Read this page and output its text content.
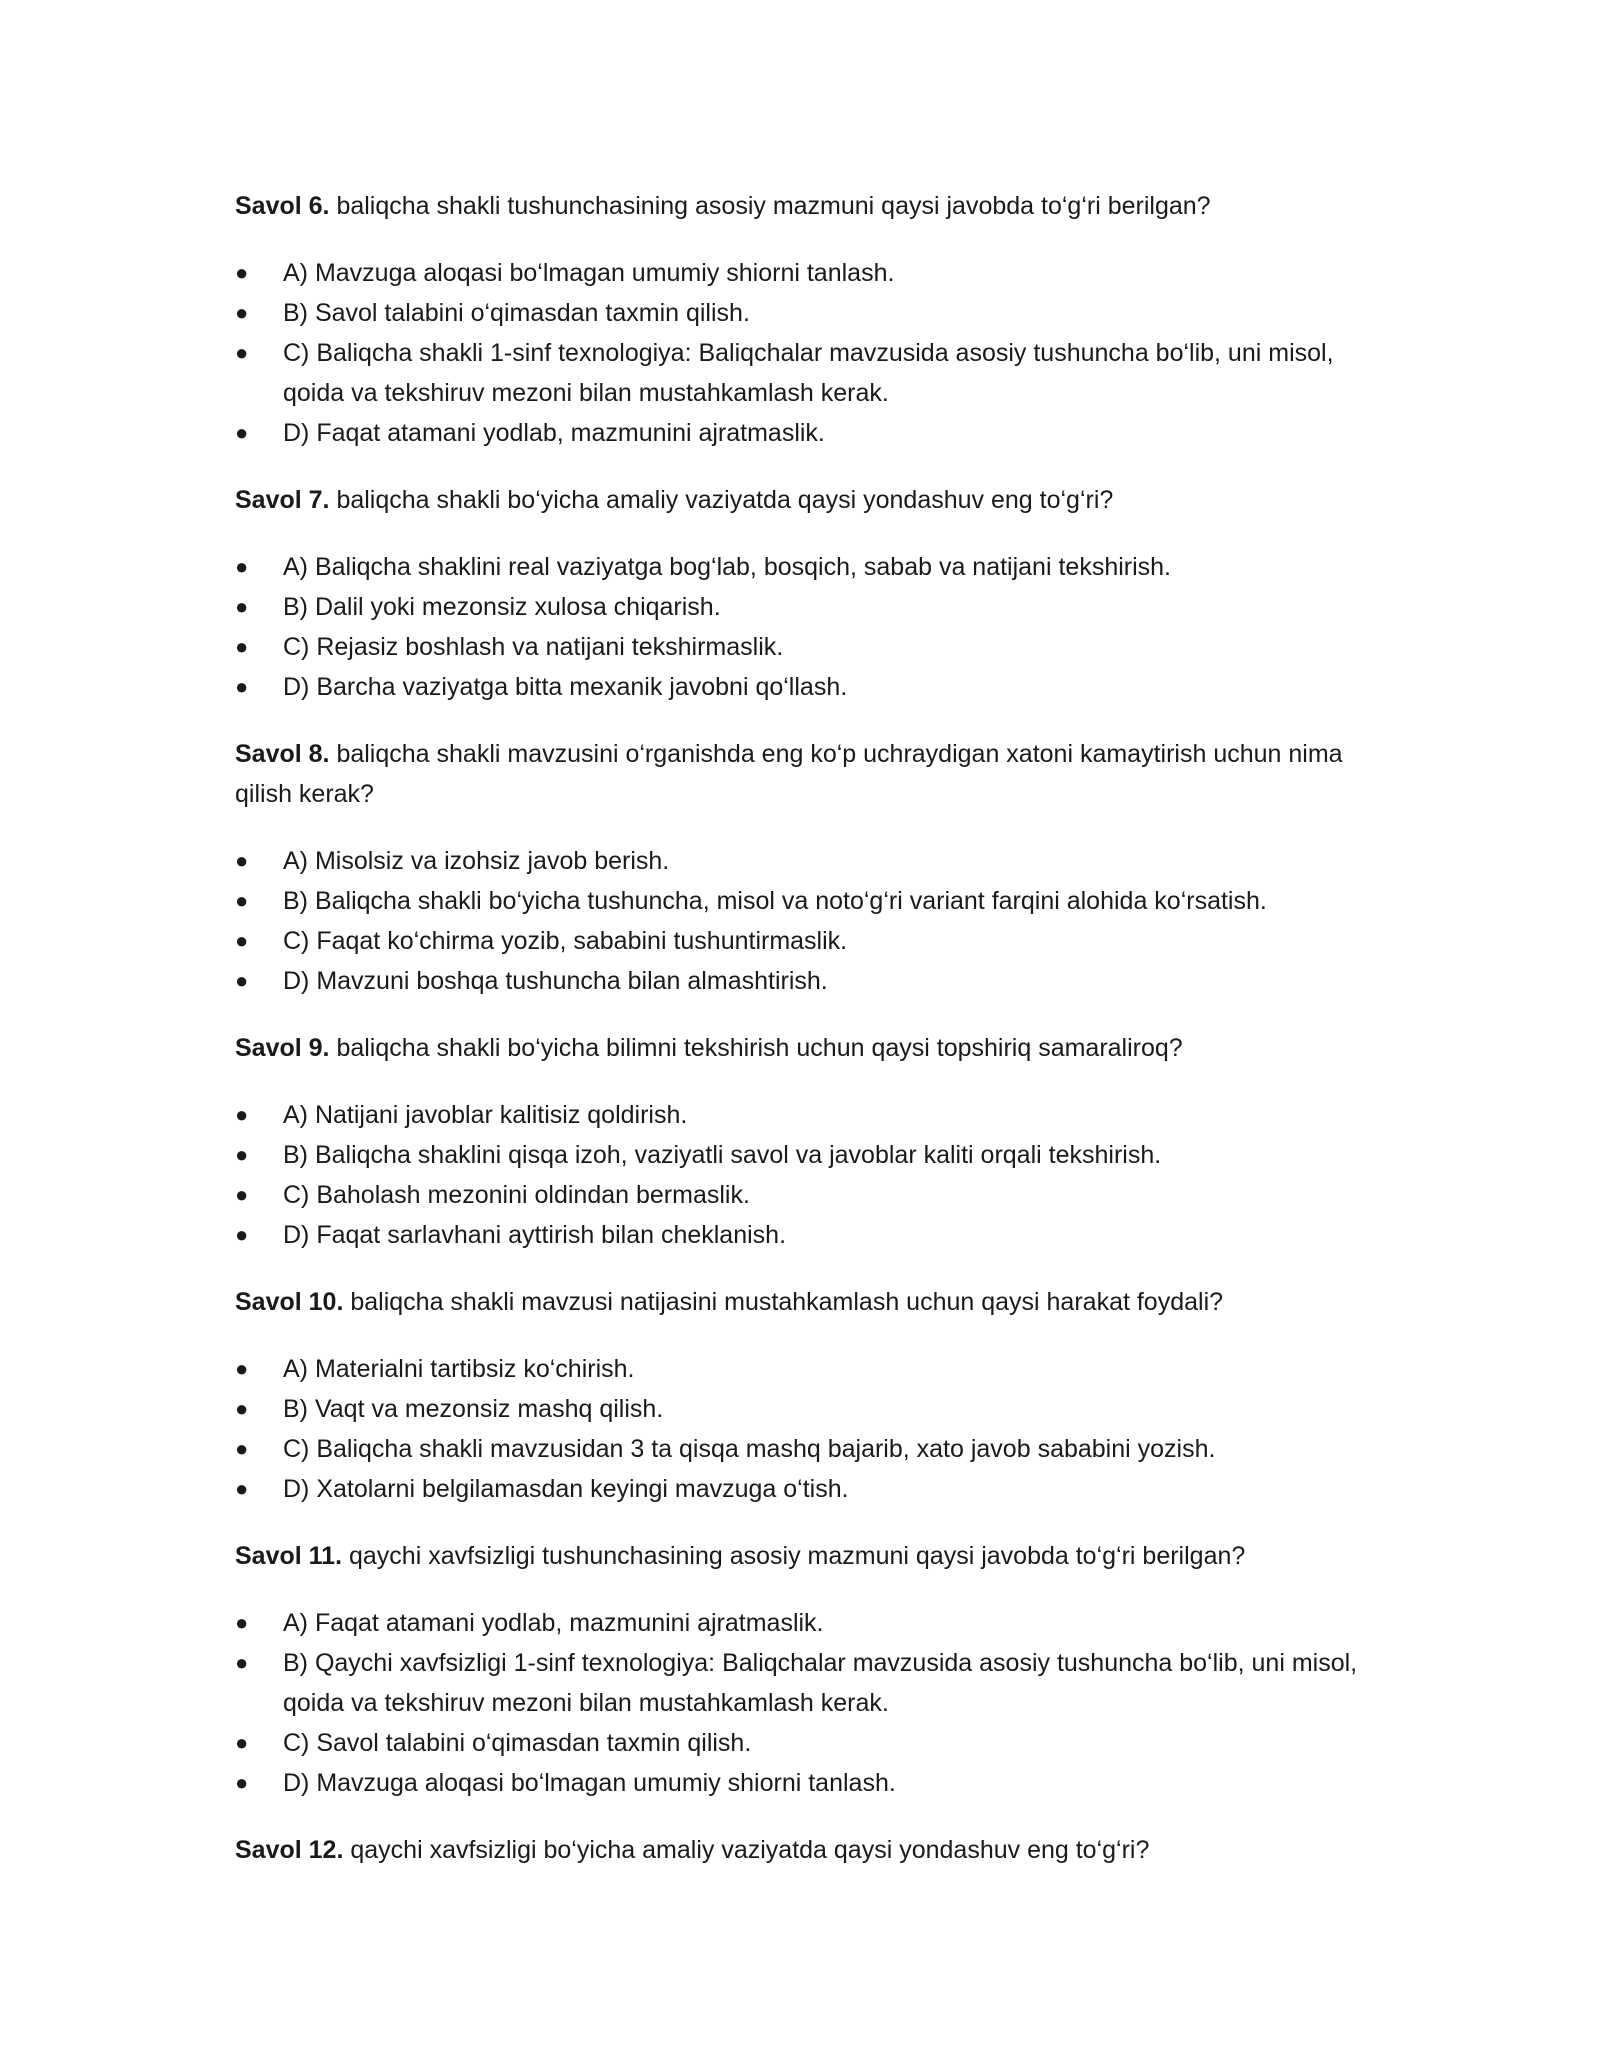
Savol 6. baliqcha shakli tushunchasining asosiy mazmuni qaysi javobda to‘g‘ri berilgan?

● A) Mavzuga aloqasi bo‘lmagan umumiy shiorni tanlash.
● B) Savol talabini o‘qimasdan taxmin qilish.
● C) Baliqcha shakli 1-sinf texnologiya: Baliqchalar mavzusida asosiy tushuncha bo‘lib, uni misol, qoida va tekshiruv mezoni bilan mustahkamlash kerak.
● D) Faqat atamani yodlab, mazmunini ajratmaslik.

Savol 7. baliqcha shakli bo‘yicha amaliy vaziyatda qaysi yondashuv eng to‘g‘ri?

● A) Baliqcha shaklini real vaziyatga bog‘lab, bosqich, sabab va natijani tekshirish.
● B) Dalil yoki mezonsiz xulosa chiqarish.
● C) Rejasiz boshlash va natijani tekshirmaslik.
● D) Barcha vaziyatga bitta mexanik javobni qo‘llash.

Savol 8. baliqcha shakli mavzusini o‘rganishda eng ko‘p uchraydigan xatoni kamaytirish uchun nima qilish kerak?

● A) Misolsiz va izohsiz javob berish.
● B) Baliqcha shakli bo‘yicha tushuncha, misol va noto‘g‘ri variant farqini alohida ko‘rsatish.
● C) Faqat ko‘chirma yozib, sababini tushuntirmaslik.
● D) Mavzuni boshqa tushuncha bilan almashtirish.

Savol 9. baliqcha shakli bo‘yicha bilimni tekshirish uchun qaysi topshiriq samaraliroq?

● A) Natijani javoblar kalitisiz qoldirish.
● B) Baliqcha shaklini qisqa izoh, vaziyatli savol va javoblar kaliti orqali tekshirish.
● C) Baholash mezonini oldindan bermaslik.
● D) Faqat sarlavhani ayttirish bilan cheklanish.

Savol 10. baliqcha shakli mavzusi natijasini mustahkamlash uchun qaysi harakat foydali?

● A) Materialni tartibsiz ko‘chirish.
● B) Vaqt va mezonsiz mashq qilish.
● C) Baliqcha shakli mavzusidan 3 ta qisqa mashq bajarib, xato javob sababini yozish.
● D) Xatolarni belgilamasdan keyingi mavzuga o‘tish.

Savol 11. qaychi xavfsizligi tushunchasining asosiy mazmuni qaysi javobda to‘g‘ri berilgan?

● A) Faqat atamani yodlab, mazmunini ajratmaslik.
● B) Qaychi xavfsizligi 1-sinf texnologiya: Baliqchalar mavzusida asosiy tushuncha bo‘lib, uni misol, qoida va tekshiruv mezoni bilan mustahkamlash kerak.
● C) Savol talabini o‘qimasdan taxmin qilish.
● D) Mavzuga aloqasi bo‘lmagan umumiy shiorni tanlash.

Savol 12. qaychi xavfsizligi bo‘yicha amaliy vaziyatda qaysi yondashuv eng to‘g‘ri?
